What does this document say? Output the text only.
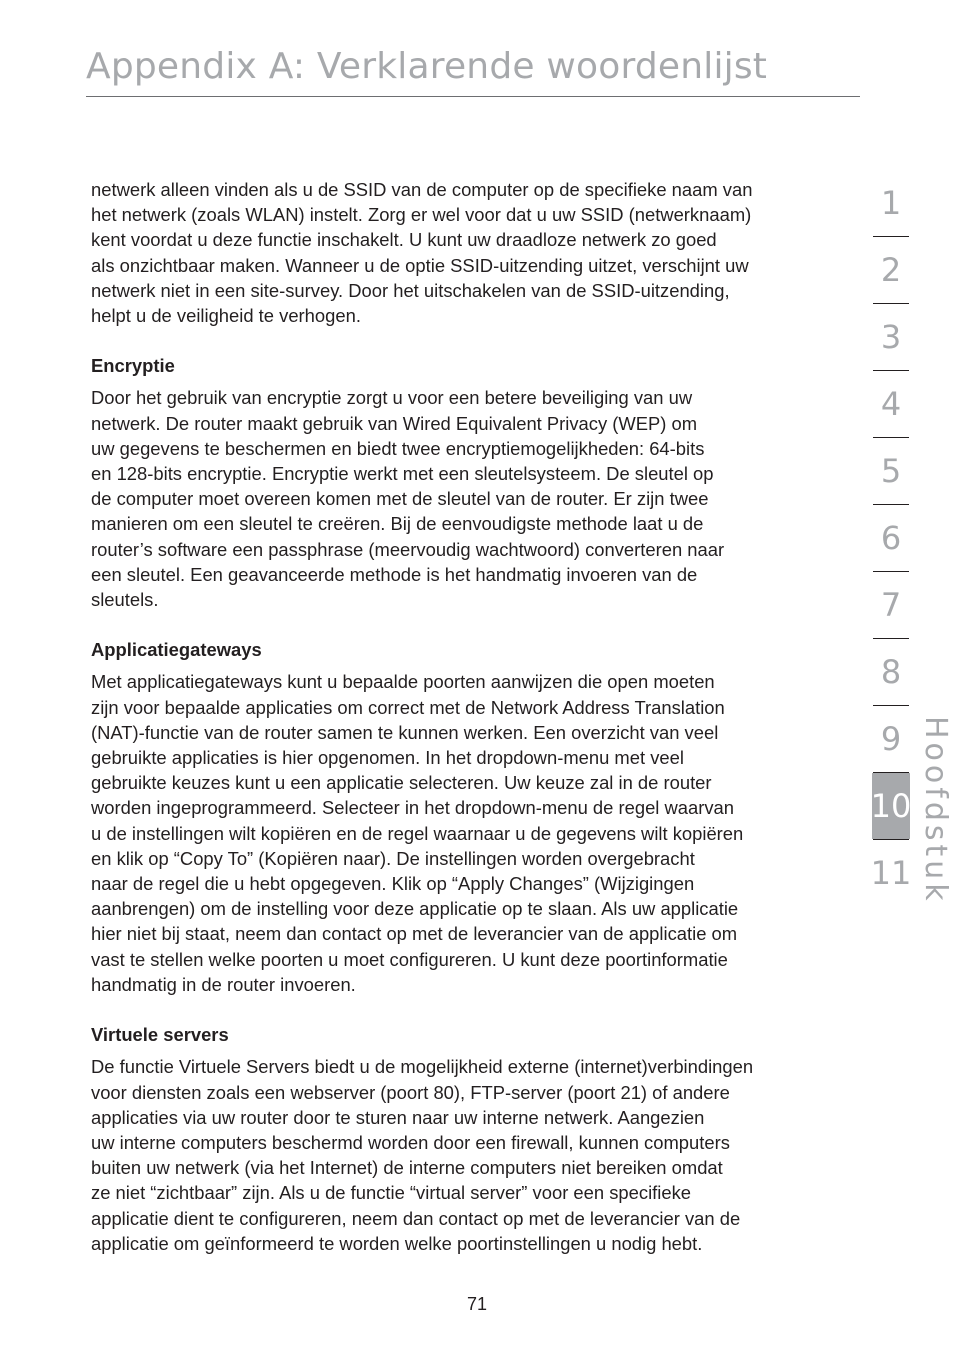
Appendix A: Verklarende woordenlijst

netwerk alleen vinden als u de SSID van de computer op de specifieke naam van
het netwerk (zoals WLAN) instelt. Zorg er wel voor dat u uw SSID (netwerknaam)
kent voordat u deze functie inschakelt. U kunt uw draadloze netwerk zo goed
als onzichtbaar maken. Wanneer u de optie SSID-uitzending uitzet, verschijnt uw
netwerk niet in een site-survey. Door het uitschakelen van de SSID-uitzending,
helpt u de veiligheid te verhogen.

Encryptie

Door het gebruik van encryptie zorgt u voor een betere beveiliging van uw
netwerk. De router maakt gebruik van Wired Equivalent Privacy (WEP) om
uw gegevens te beschermen en biedt twee encryptiemogelijkheden: 64-bits
en 128-bits encryptie. Encryptie werkt met een sleutelsysteem. De sleutel op
de computer moet overeen komen met de sleutel van de router. Er zijn twee
manieren om een sleutel te creëren. Bij de eenvoudigste methode laat u de
router’s software een passphrase (meervoudig wachtwoord) converteren naar
een sleutel. Een geavanceerde methode is het handmatig invoeren van de
sleutels.

Applicatiegateways

Met applicatiegateways kunt u bepaalde poorten aanwijzen die open moeten
zijn voor bepaalde applicaties om correct met de Network Address Translation
(NAT)-functie van de router samen te kunnen werken. Een overzicht van veel
gebruikte applicaties is hier opgenomen. In het dropdown-menu met veel
gebruikte keuzes kunt u een applicatie selecteren. Uw keuze zal in de router
worden ingeprogrammeerd. Selecteer in het dropdown-menu de regel waarvan
u de instellingen wilt kopiëren en de regel waarnaar u de gegevens wilt kopiëren
en klik op “Copy To” (Kopiëren naar). De instellingen worden overgebracht
naar de regel die u hebt opgegeven. Klik op “Apply Changes” (Wijzigingen
aanbrengen) om de instelling voor deze applicatie op te slaan. Als uw applicatie
hier niet bij staat, neem dan contact op met de leverancier van de applicatie om
vast te stellen welke poorten u moet configureren. U kunt deze poortinformatie
handmatig in de router invoeren.

Virtuele servers

De functie Virtuele Servers biedt u de mogelijkheid externe (internet)verbindingen
voor diensten zoals een webserver (poort 80), FTP-server (poort 21) of andere
applicaties via uw router door te sturen naar uw interne netwerk. Aangezien
uw interne computers beschermd worden door een firewall, kunnen computers
buiten uw netwerk (via het Internet) de interne computers niet bereiken omdat
ze niet “zichtbaar” zijn. Als u de functie “virtual server” voor een specifieke
applicatie dient te configureren, neem dan contact op met de leverancier van de
applicatie om geïnformeerd te worden welke poortinstellingen u nodig hebt.

1
2
3
4
5
6
7
8
9
10
11 Hoofdstuk
71
